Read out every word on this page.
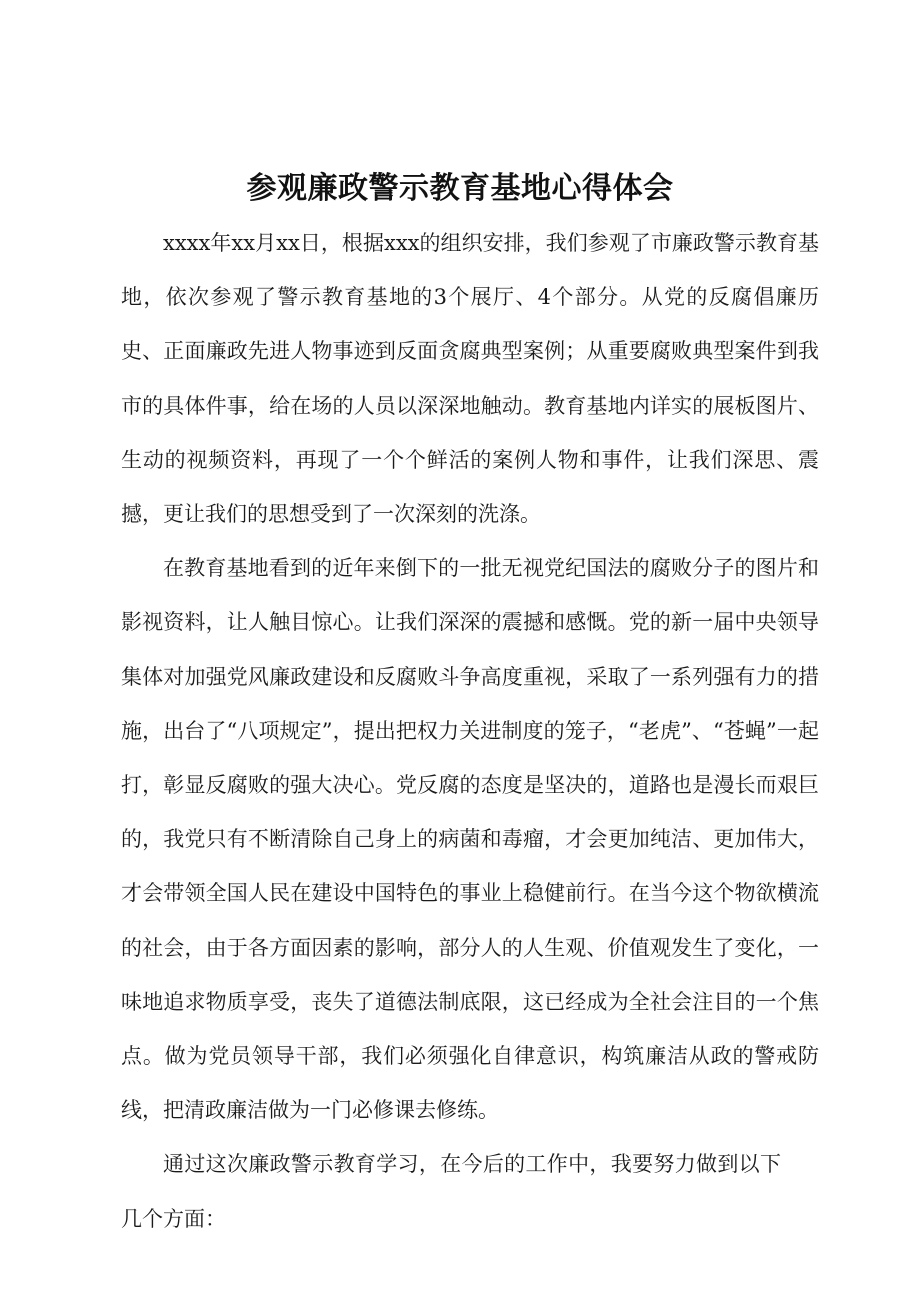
参观廉政警示教育基地心得体会

xxxx年xx月xx日，根据xxx的组织安排，我们参观了市廉政警示教育基地，依次参观了警示教育基地的3个展厅、4个部分。从党的反腐倡廉历史、正面廉政先进人物事迹到反面贪腐典型案例；从重要腐败典型案件到我市的具体件事，给在场的人员以深深地触动。教育基地内详实的展板图片、生动的视频资料，再现了一个个鲜活的案例人物和事件，让我们深思、震撼，更让我们的思想受到了一次深刻的洗涤。

在教育基地看到的近年来倒下的一批无视党纪国法的腐败分子的图片和影视资料，让人触目惊心。让我们深深的震撼和感慨。党的新一届中央领导集体对加强党风廉政建设和反腐败斗争高度重视，采取了一系列强有力的措施，出台了“八项规定”，提出把权力关进制度的笼子，“老虎”、“苍蝇”一起打，彰显反腐败的强大决心。党反腐的态度是坚决的，道路也是漫长而艰巨的，我党只有不断清除自己身上的病菌和毒瘤，才会更加纯洁、更加伟大，才会带领全国人民在建设中国特色的事业上稳健前行。在当今这个物欲横流的社会，由于各方面因素的影响，部分人的人生观、价值观发生了变化，一味地追求物质享受，丧失了道德法制底限，这已经成为全社会注目的一个焦点。做为党员领导干部，我们必须强化自律意识，构筑廉洁从政的警戒防线，把清政廉洁做为一门必修课去修练。

通过这次廉政警示教育学习，在今后的工作中，我要努力做到以下几个方面：
